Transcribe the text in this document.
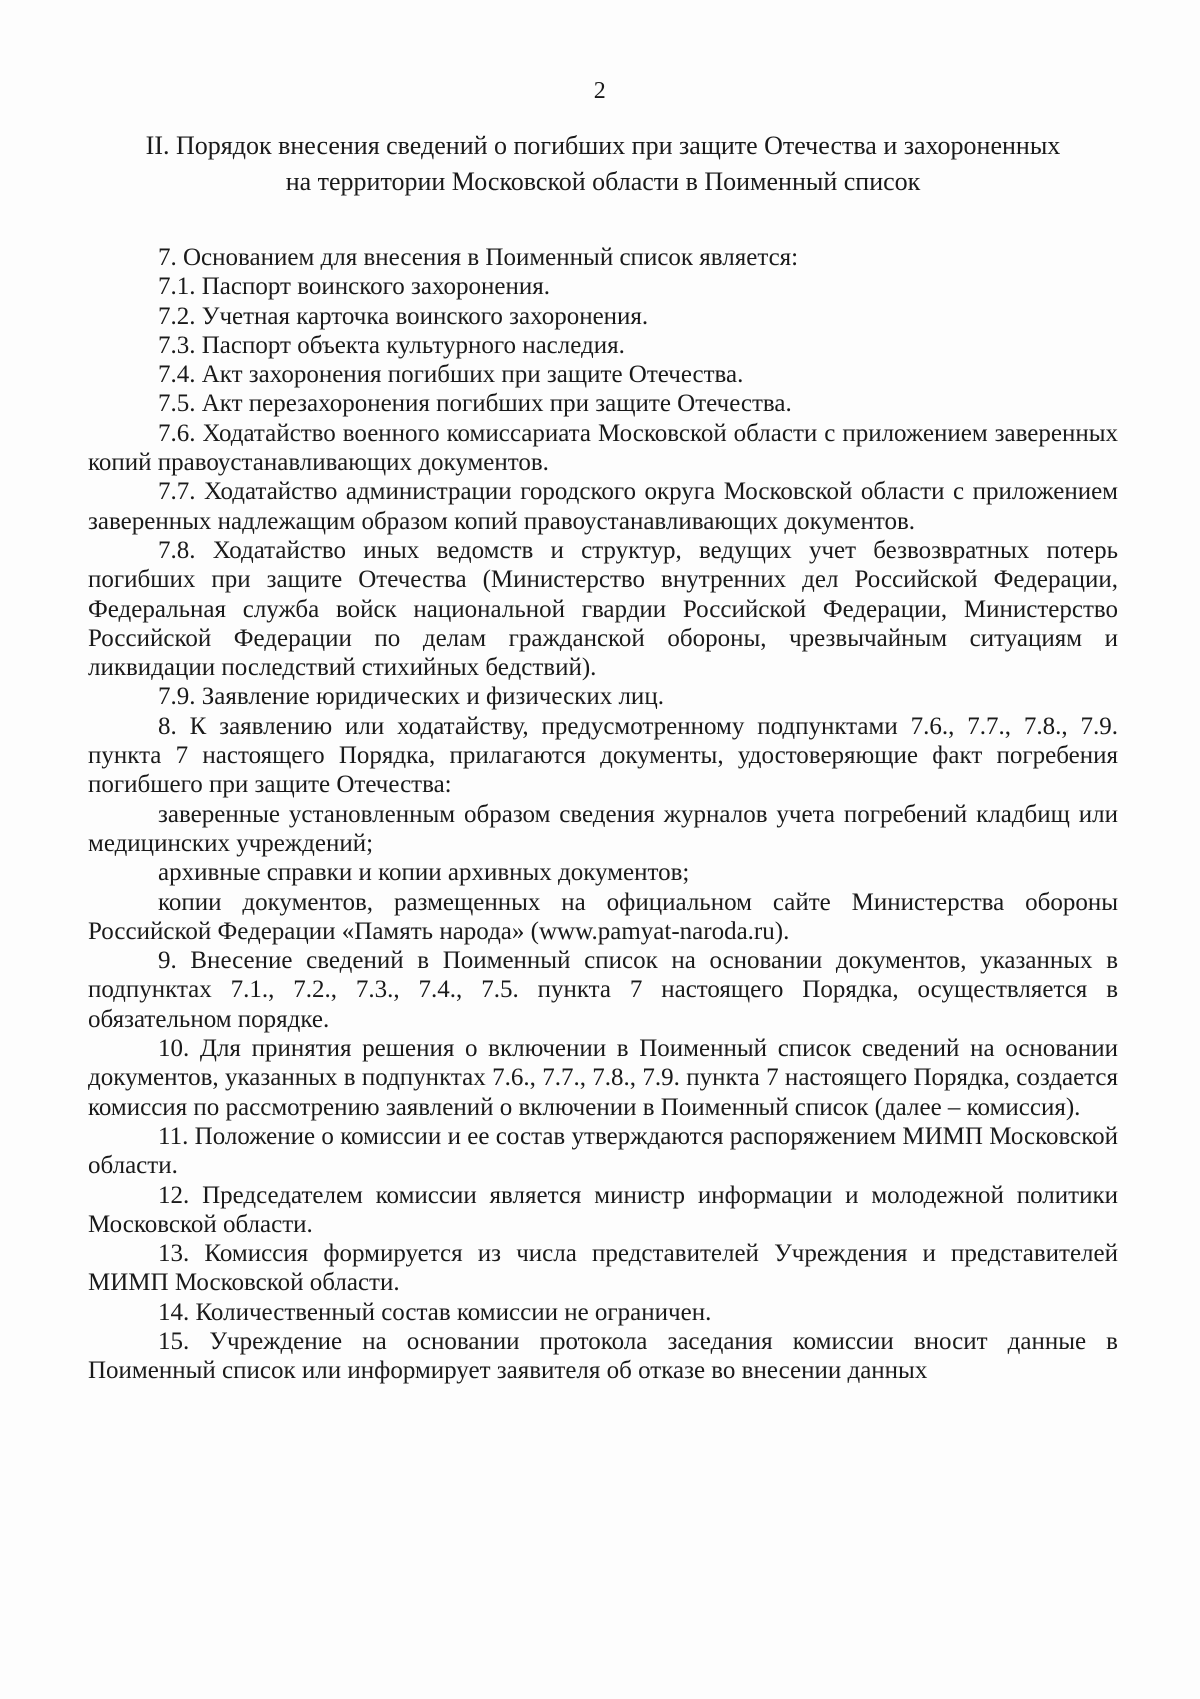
2
II. Порядок внесения сведений о погибших при защите Отечества и захороненных
на территории Московской области в Поименный список

7. Основанием для внесения в Поименный список является:

7.1. Паспорт воинского захоронения.

7.2. Учетная карточка воинского захоронения.

7.3. Паспорт объекта культурного наследия.

7.4. Акт захоронения погибших при защите Отечества.

7.5. Акт перезахоронения погибших при защите Отечества.

7.6. Ходатайство военного комиссариата Московской области с приложением заверенных копий правоустанавливающих документов.

7.7. Ходатайство администрации городского округа Московской области с приложением заверенных надлежащим образом копий правоустанавливающих документов.

7.8. Ходатайство иных ведомств и структур, ведущих учет безвозвратных потерь погибших при защите Отечества (Министерство внутренних дел Российской Федерации, Федеральная служба войск национальной гвардии Российской Федерации, Министерство Российской Федерации по делам гражданской обороны, чрезвычайным ситуациям и ликвидации последствий стихийных бедствий).

7.9. Заявление юридических и физических лиц.

8. К заявлению или ходатайству, предусмотренному подпунктами 7.6., 7.7., 7.8., 7.9. пункта 7 настоящего Порядка, прилагаются документы, удостоверяющие факт погребения погибшего при защите Отечества:

заверенные установленным образом сведения журналов учета погребений кладбищ или медицинских учреждений;

архивные справки и копии архивных документов;

копии документов, размещенных на официальном сайте Министерства обороны Российской Федерации «Память народа» (www.pamyat-naroda.ru).

9. Внесение сведений в Поименный список на основании документов, указанных в подпунктах 7.1., 7.2., 7.3., 7.4., 7.5. пункта 7 настоящего Порядка, осуществляется в обязательном порядке.

10. Для принятия решения о включении в Поименный список сведений на основании документов, указанных в подпунктах 7.6., 7.7., 7.8., 7.9. пункта 7 настоящего Порядка, создается комиссия по рассмотрению заявлений о включении в Поименный список (далее – комиссия).

11. Положение о комиссии и ее состав утверждаются распоряжением МИМП Московской области.

12. Председателем комиссии является министр информации и молодежной политики Московской области.

13. Комиссия формируется из числа представителей Учреждения и представителей МИМП Московской области.

14. Количественный состав комиссии не ограничен.

15. Учреждение на основании протокола заседания комиссии вносит данные в Поименный список или информирует заявителя об отказе во внесении данных
